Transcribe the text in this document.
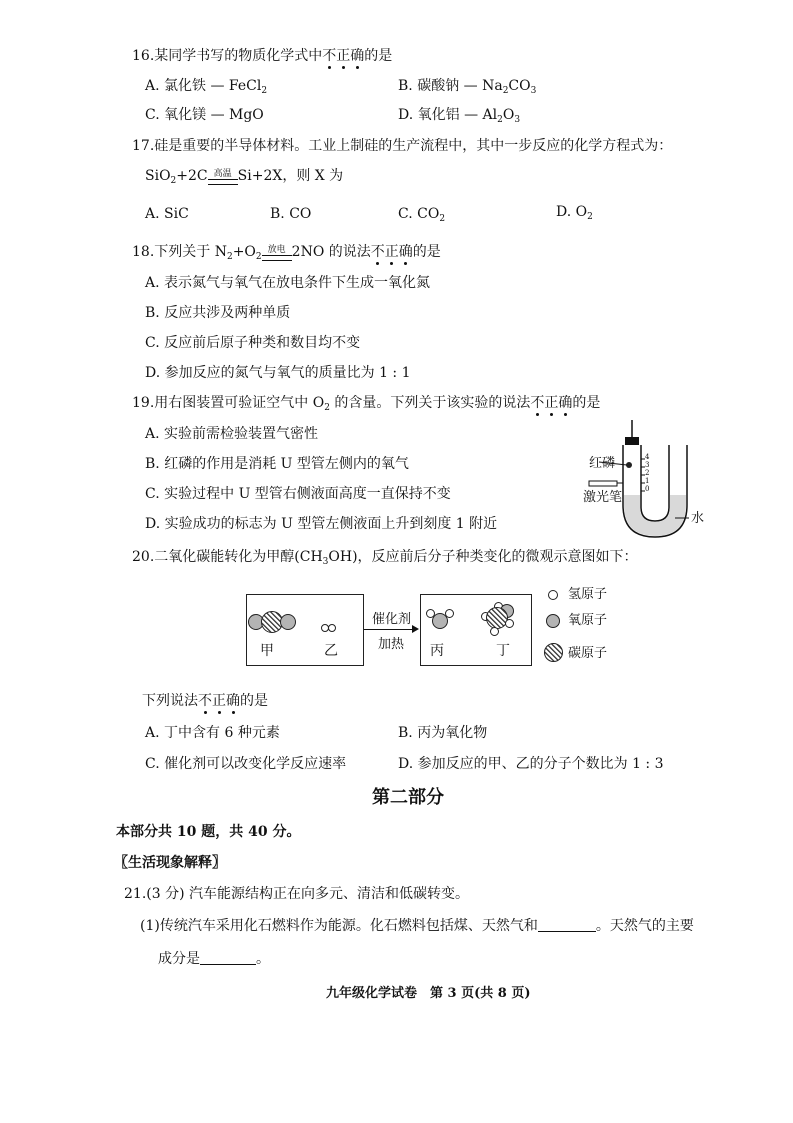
16.某同学书写的物质化学式中不正确的是
A. 氯化铁 — FeCl$_2$	B. 碳酸钠 — $Na_2CO_3$
C. 氧化镁 — MgO	D. 氧化铝 — $Al_2O_3$
17.硅是重要的半导体材料。工业上制硅的生产流程中，其中一步反应的化学方程式为：
SiO$_2$+2C 高温 Si+2X，则 X 为
A. SiC	B. CO	C. $CO_2$	D. $O_2$
18.下列关于 $N_2+O_2$
放电 2NO 的说法不正确的是
A. 表示氮气与氧气在放电条件下生成一氧化氮
B. 反应共涉及两种单质
C. 反应前后原子种类和数目均不变
D. 参加反应的氮气与氧气的质量比为 1 : 1
19.用右图装置可验证空气中 $O_2$ 的含量。下列关于该实验的说法不正确的是
A. 实验前需检验装置气密性
B. 红磷的作用是消耗 U 型管左侧内的氧气
C. 实验过程中 U 型管右侧液面高度一直保持不变
D. 实验成功的标志为 U 型管左侧液面上升到刻度 1 附近
红磷
激光笔
水
4
3
2
1
0
20.二氧化碳能转化为甲醇$(CH_3OH)$，反应前后分子种类变化的微观示意图如下：
甲	乙
催化剂
加热 丙	丁
氢原子
氧原子
碳原子
下列说法不正确的是
A. 丁中含有 6 种元素	B. 丙为氧化物
C. 催化剂可以改变化学反应速率	D. 参加反应的甲、乙的分子个数比为 1 : 3
第二部分
本部分共 10 题，共 40 分。
〖生活现象解释〗
21.(3 分) 汽车能源结构正在向多元、清洁和低碳转变。
(1)传统汽车采用化石燃料作为能源。化石燃料包括煤、天然气和	。天然气的主要
成分是	。
九年级化学试卷　第 3 页(共 8 页)
